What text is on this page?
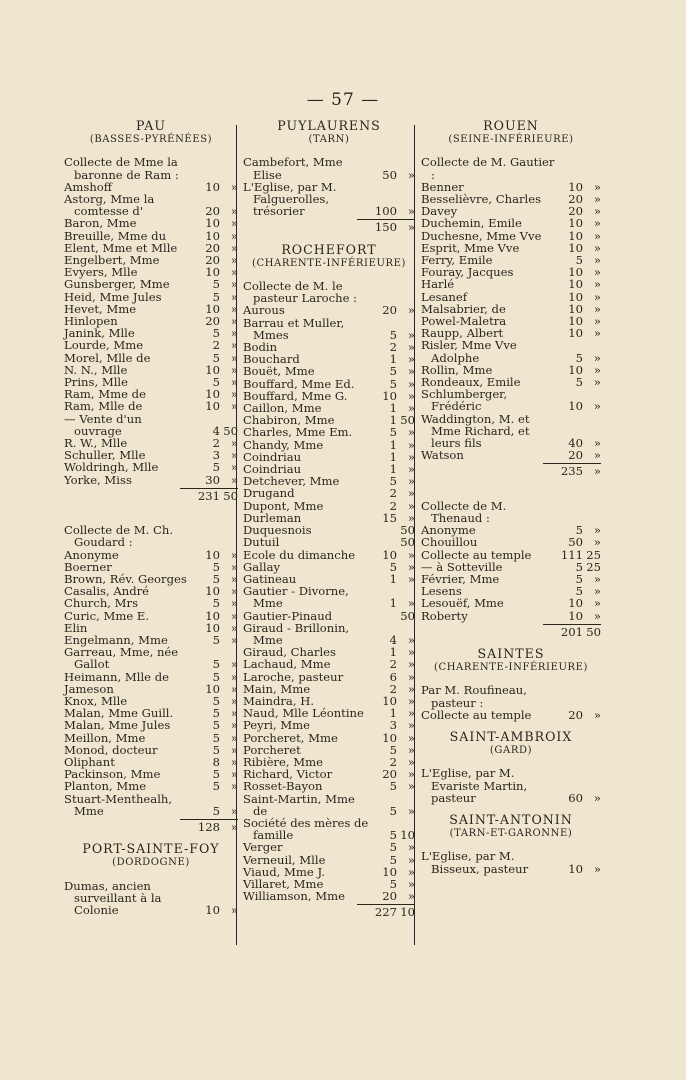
— 57 —
PAU
(BASSES-PYRÉNÉES)
Collecte de Mme la baronne de Ram :
Amshoff	10 »
Astorg, Mme la comtesse d'	20 »
Baron, Mme	10 »
Breuille, Mme du	10 »
Elent, Mme et Mlle	20 »
Engelbert, Mme	20 »
Evyers, Mlle	10 »
Gunsberger, Mme	5 »
Heid, Mme Jules	5 »
Hevet, Mme	10 »
Hinlopen	20 »
Janink, Mlle	5 »
Lourde, Mme	2 »
Morel, Mlle de	5 »
N. N., Mlle	10 »
Prins, Mlle	5 »
Ram, Mme de	10 »
Ram, Mlle de	10 »
— Vente d'un ouvrage	4 50
R. W., Mlle	2 »
Schuller, Mlle	3 »
Woldringh, Mlle	5 »
Yorke, Miss	30 »
231 50
Collecte de M. Ch. Goudard :
Anonyme	10 »
Boerner	5 »
Brown, Rév. Georges	5 »
Casalis, André	10 »
Church, Mrs	5 »
Curic, Mme E.	10 »
Elin	10 »
Engelmann, Mme	5 »
Garreau, Mme, née Gallot	5 »
Heimann, Mlle de	5 »
Jameson	10 »
Knox, Mlle	5 »
Malan, Mme Guill.	5 »
Malan, Mme Jules	5 »
Meillon, Mme	5 »
Monod, docteur	5 »
Oliphant	8 »
Packinson, Mme	5 »
Planton, Mme	5 »
Stuart-Menthealh, Mme	5 »
128 »
PORT-SAINTE-FOY
(DORDOGNE)
Dumas, ancien surveillant à la Colonie	10 »
PUYLAURENS
(TARN)
Cambefort, Mme Elise	50 »
L'Eglise, par M. Falguerolles, trésorier	100 »
150 »
ROCHEFORT
(CHARENTE-INFÉRIEURE)
Collecte de M. le pasteur Laroche :
Aurous	20 »
Barrau et Muller, Mmes	5 »
Bodin	2 »
Bouchard	1 »
Bouët, Mme	5 »
Bouffard, Mme Ed.	5 »
Bouffard, Mme G.	10 »
Caillon, Mme	1 »
Chabiron, Mme	1 50
Charles, Mme Em.	5 »
Chandy, Mme	1 »
Coindriau	1 »
Coindriau	1 »
Detchever, Mme	5 »
Drugand	2 »
Dupont, Mme	2 »
Durleman	15 »
Duquesnois	50
Dutuil	50
Ecole du dimanche	10 »
Gallay	5 »
Gatineau	1 »
Gautier - Divorne, Mme	1 »
Gautier-Pinaud	50
Giraud - Brillonin, Mme	4 »
Giraud, Charles	1 »
Lachaud, Mme	2 »
Laroche, pasteur	6 »
Main, Mme	2 »
Maindra, H.	10 »
Naud, Mlle Léontine	1 »
Peyri, Mme	3 »
Porcheret, Mme	10 »
Porcheret	5 »
Ribière, Mme	2 »
Richard, Victor	20 »
Rosset-Bayon	5 »
Saint-Martin, Mme de	5 »
Société des mères de famille	5 10
Verger	5 »
Verneuil, Mlle	5 »
Viaud, Mme J.	10 »
Villaret, Mme	5 »
Williamson, Mme	20 »
227 10
ROUEN
(SEINE-INFÉRIEURE)
Collecte de M. Gautier :
Benner	10 »
Besselièvre, Charles	20 »
Davey	20 »
Duchemin, Emile	10 »
Duchesne, Mme Vve	10 »
Esprit, Mme Vve	10 »
Ferry, Emile	5 »
Fouray, Jacques	10 »
Harlé	10 »
Lesanef	10 »
Malsabrier, de	10 »
Powel-Maletra	10 »
Raupp, Albert	10 »
Risler, Mme Vve Adolphe	5 »
Rollin, Mme	10 »
Rondeaux, Emile	5 »
Schlumberger, Frédéric	10 »
Waddington, M. et Mme Richard, et leurs fils	40 »
Watson	20 »
235 »
Collecte de M. Thenaud :
Anonyme	5 »
Chouillou	50 »
Collecte au temple	111 25
— à Sotteville	5 25
Février, Mme	5 »
Lesens	5 »
Lesouëf, Mme	10 »
Roberty	10 »
201 50
SAINTES
(CHARENTE-INFÉRIEURE)
Par M. Roufineau, pasteur :
Collecte au temple	20 »
SAINT-AMBROIX
(GARD)
L'Eglise, par M. Evariste Martin, pasteur	60 »
SAINT-ANTONIN
(TARN-ET-GARONNE)
L'Eglise, par M. Bisseux, pasteur	10 »
